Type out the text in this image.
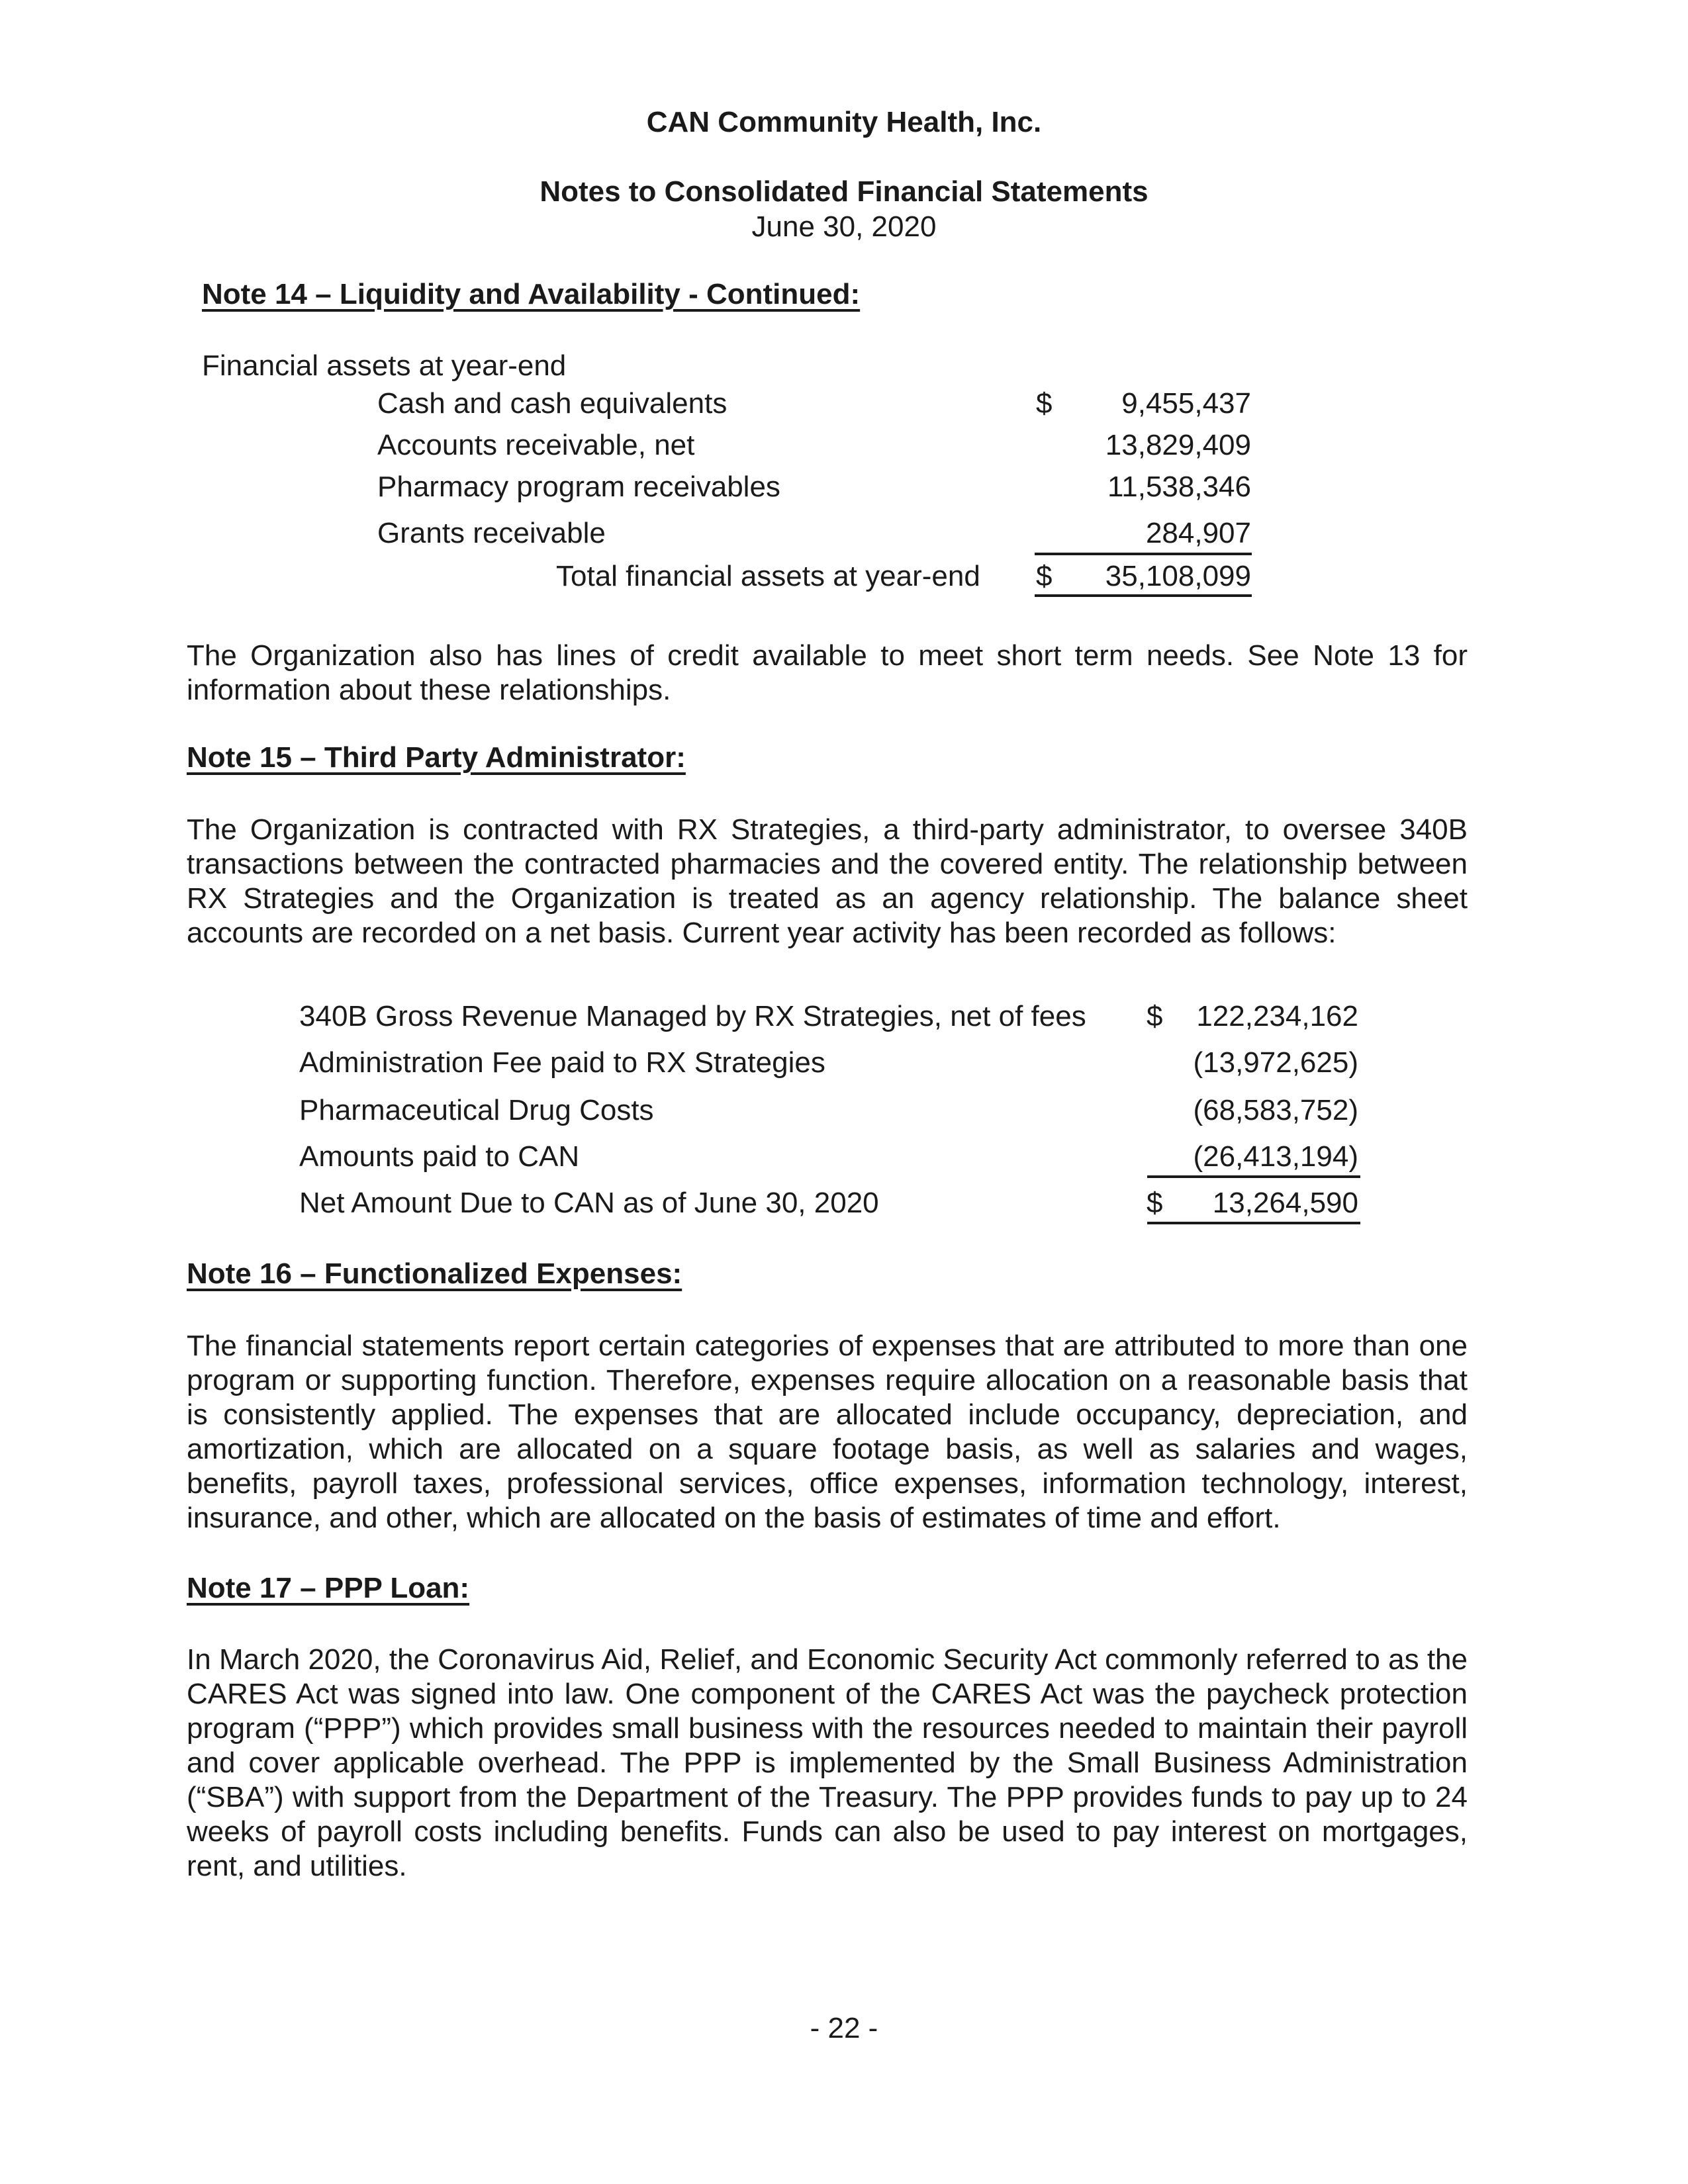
CAN Community Health, Inc.
Notes to Consolidated Financial Statements
June 30, 2020
Note 14 – Liquidity and Availability - Continued:
Financial assets at year-end
Cash and cash equivalents	$	9,455,437
Accounts receivable, net	13,829,409
Pharmacy program receivables	11,538,346
Grants receivable	284,907
Total financial assets at year-end $	35,108,099
The Organization also has lines of credit available to meet short term needs. See Note 13 for information about these relationships.
Note 15 – Third Party Administrator:
The Organization is contracted with RX Strategies, a third-party administrator, to oversee 340B transactions between the contracted pharmacies and the covered entity. The relationship between RX Strategies and the Organization is treated as an agency relationship. The balance sheet accounts are recorded on a net basis. Current year activity has been recorded as follows:
340B Gross Revenue Managed by RX Strategies, net of fees $	122,234,162
Administration Fee paid to RX Strategies	(13,972,625)
Pharmaceutical Drug Costs	(68,583,752)
Amounts paid to CAN	(26,413,194)
Net Amount Due to CAN as of June 30, 2020	$	13,264,590
Note 16 – Functionalized Expenses:
The financial statements report certain categories of expenses that are attributed to more than one program or supporting function. Therefore, expenses require allocation on a reasonable basis that is consistently applied. The expenses that are allocated include occupancy, depreciation, and amortization, which are allocated on a square footage basis, as well as salaries and wages, benefits, payroll taxes, professional services, office expenses, information technology, interest, insurance, and other, which are allocated on the basis of estimates of time and effort.
Note 17 – PPP Loan:
In March 2020, the Coronavirus Aid, Relief, and Economic Security Act commonly referred to as the CARES Act was signed into law. One component of the CARES Act was the paycheck protection program (“PPP”) which provides small business with the resources needed to maintain their payroll and cover applicable overhead. The PPP is implemented by the Small Business Administration (“SBA”) with support from the Department of the Treasury. The PPP provides funds to pay up to 24 weeks of payroll costs including benefits. Funds can also be used to pay interest on mortgages, rent, and utilities.
- 22 -
